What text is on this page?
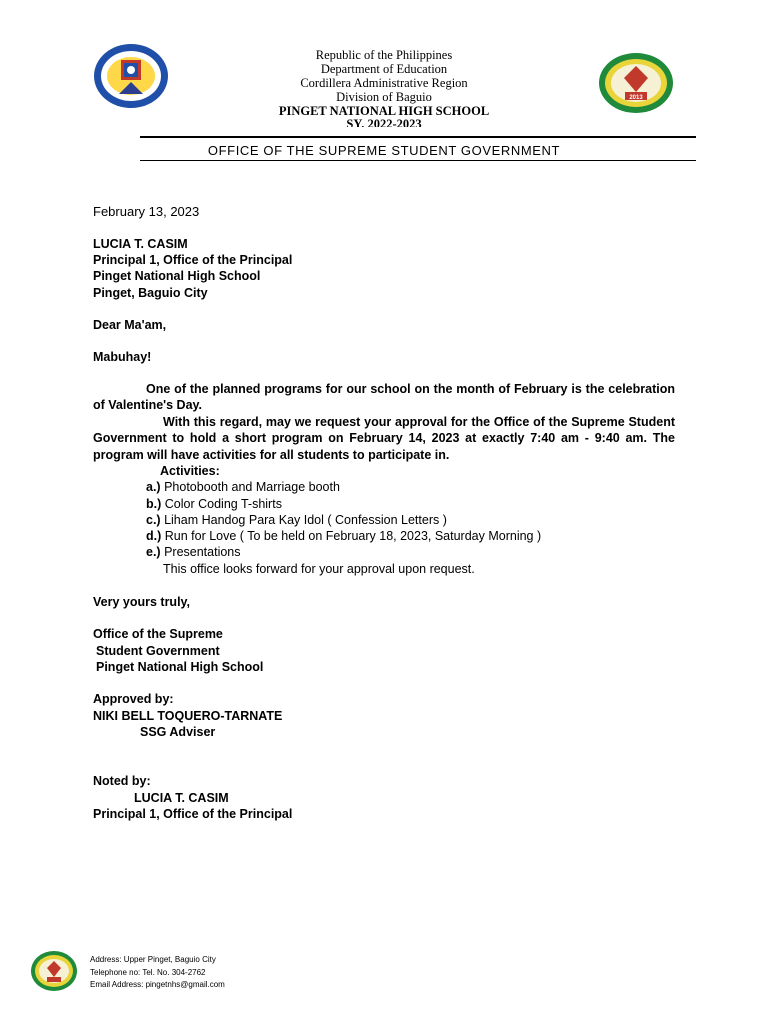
2013
Republic of the Philippines
Department of Education
Cordillera Administrative Region
Division of Baguio
PINGET NATIONAL HIGH SCHOOL
SY. 2022-2023
OFFICE OF THE SUPREME STUDENT GOVERNMENT
February 13, 2023
LUCIA T. CASIM
Principal 1, Office of the Principal
Pinget National High School
Pinget, Baguio City
Dear Ma'am,
Mabuhay!
One of the planned programs for our school on the month of February is the celebration of Valentine's Day.
With this regard, may we request your approval for the Office of the Supreme Student Government to hold a short program on February 14, 2023 at exactly 7:40 am - 9:40 am. The program will have activities for all students to participate in.
Activities:
a.) Photobooth and Marriage booth
b.) Color Coding T-shirts
c.) Liham Handog Para Kay Idol ( Confession Letters )
d.) Run for Love ( To be held on February 18, 2023, Saturday Morning )
e.) Presentations
This office looks forward for your approval upon request.
Very yours truly,
Office of the Supreme
Student Government
Pinget National High School
Approved by:
NIKI BELL TOQUERO-TARNATE
SSG Adviser
Noted by:
LUCIA T. CASIM
Principal 1, Office of the Principal
Address: Upper Pinget, Baguio City
Telephone no: Tel. No. 304-2762
Email Address: pingetnhs@gmail.com
